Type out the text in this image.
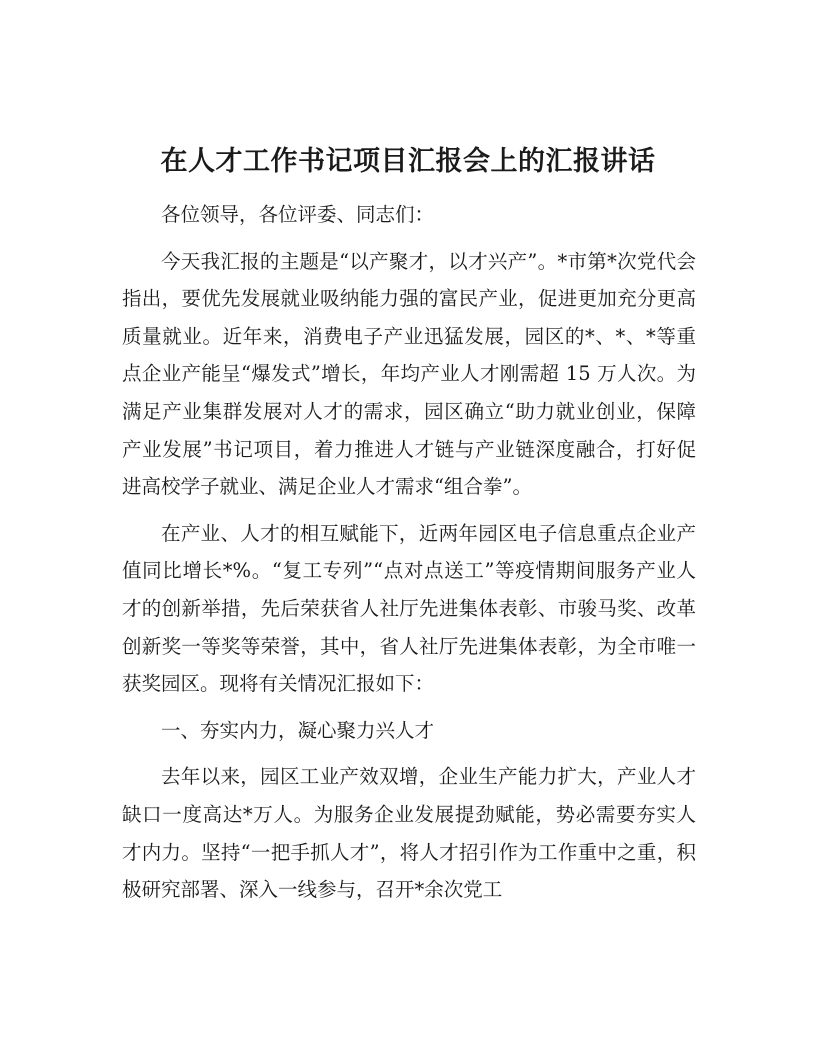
在人才工作书记项目汇报会上的汇报讲话

各位领导，各位评委、同志们：

今天我汇报的主题是“以产聚才，以才兴产”。*市第*次党代会指出，要优先发展就业吸纳能力强的富民产业，促进更加充分更高质量就业。近年来，消费电子产业迅猛发展，园区的*、*、*等重点企业产能呈“爆发式”增长，年均产业人才刚需超 15 万人次。为满足产业集群发展对人才的需求，园区确立“助力就业创业，保障产业发展”书记项目，着力推进人才链与产业链深度融合，打好促进高校学子就业、满足企业人才需求“组合拳”。

在产业、人才的相互赋能下，近两年园区电子信息重点企业产值同比增长*%。“复工专列”“点对点送工”等疫情期间服务产业人才的创新举措，先后荣获省人社厅先进集体表彰、市骏马奖、改革创新奖一等奖等荣誉，其中，省人社厅先进集体表彰，为全市唯一获奖园区。现将有关情况汇报如下：

一、夯实内力，凝心聚力兴人才

去年以来，园区工业产效双增，企业生产能力扩大，产业人才缺口一度高达*万人。为服务企业发展提劲赋能，势必需要夯实人才内力。坚持“一把手抓人才”，将人才招引作为工作重中之重，积极研究部署、深入一线参与，召开*余次党工
